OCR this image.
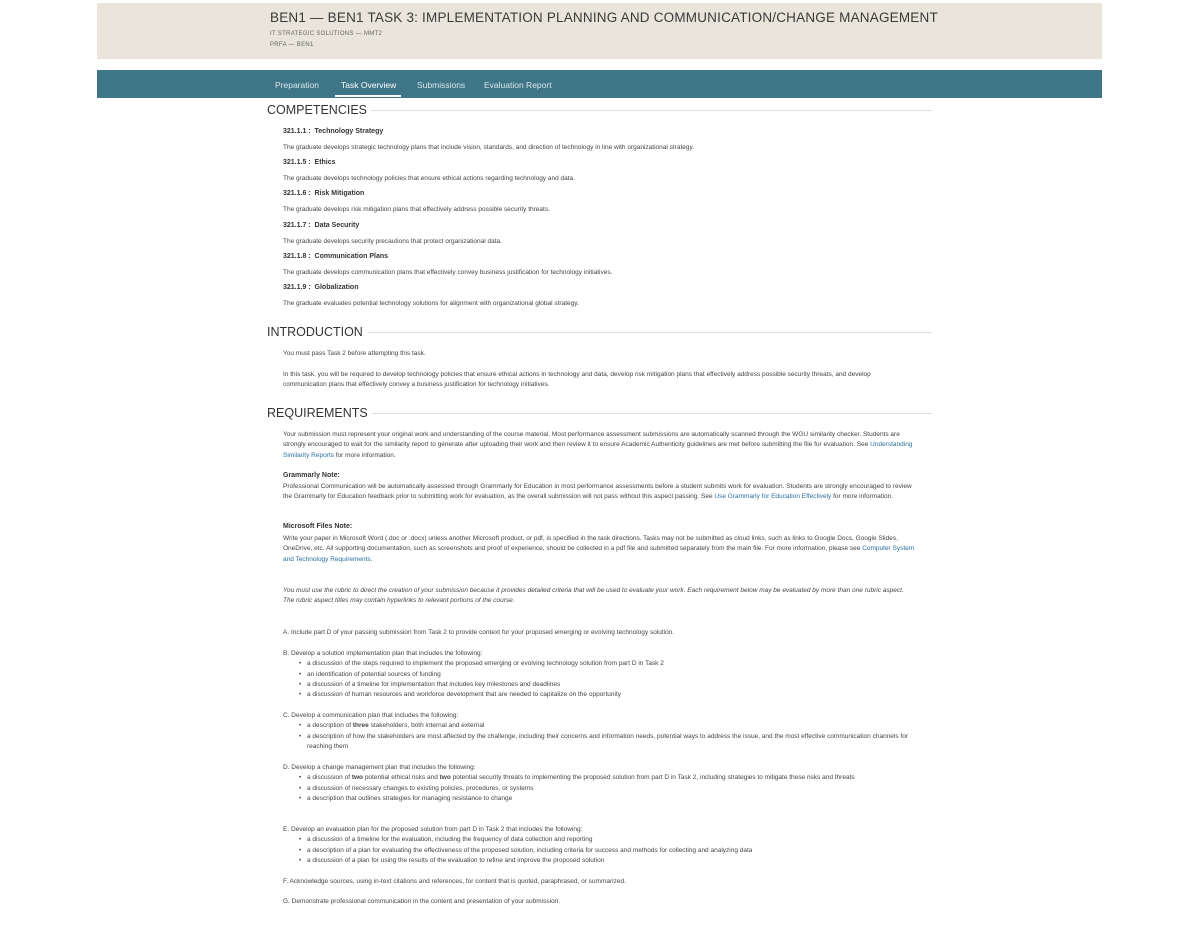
BEN1 — BEN1 TASK 3: IMPLEMENTATION PLANNING AND COMMUNICATION/CHANGE MANAGEMENT
IT STRATEGIC SOLUTIONS — MMT2
PRFA — BEN1
Preparation	Task Overview Submissions Evaluation Report
COMPETENCIES
321.1.1 : Technology Strategy
The graduate develops strategic technology plans that include vision, standards, and direction of technology in line with organizational strategy.
321.1.5 : Ethics
The graduate develops technology policies that ensure ethical actions regarding technology and data.
321.1.6 : Risk Mitigation
The graduate develops risk mitigation plans that effectively address possible security threats.
321.1.7 : Data Security
The graduate develops security precautions that protect organizational data.
321.1.8 : Communication Plans
The graduate develops communication plans that effectively convey business justification for technology initiatives.
321.1.9 : Globalization
The graduate evaluates potential technology solutions for alignment with organizational global strategy.
INTRODUCTION
You must pass Task 2 before attempting this task.
In this task, you will be required to develop technology policies that ensure ethical actions in technology and data, develop risk mitigation plans that effectively address possible security threats, and develop communication plans that effectively convey a business justification for technology initiatives.
REQUIREMENTS
Your submission must represent your original work and understanding of the course material. Most performance assessment submissions are automatically scanned through the WGU similarity checker. Students are strongly encouraged to wait for the similarity report to generate after uploading their work and then review it to ensure Academic Authenticity guidelines are met before submitting the file for evaluation. See Understanding Similarity Reports for more information.
Grammarly Note:
Professional Communication will be automatically assessed through Grammarly for Education in most performance assessments before a student submits work for evaluation. Students are strongly encouraged to review the Grammarly for Education feedback prior to submitting work for evaluation, as the overall submission will not pass without this aspect passing. See Use Grammarly for Education Effectively for more information.
Microsoft Files Note:
Write your paper in Microsoft Word (.doc or .docx) unless another Microsoft product, or pdf, is specified in the task directions. Tasks may not be submitted as cloud links, such as links to Google Docs, Google Slides, OneDrive, etc. All supporting documentation, such as screenshots and proof of experience, should be collected in a pdf file and submitted separately from the main file. For more information, please see Computer System and Technology Requirements.
You must use the rubric to direct the creation of your submission because it provides detailed criteria that will be used to evaluate your work. Each requirement below may be evaluated by more than one rubric aspect. The rubric aspect titles may contain hyperlinks to relevant portions of the course.
A. Include part D of your passing submission from Task 2 to provide context for your proposed emerging or evolving technology solution.
B. Develop a solution implementation plan that includes the following:
• a discussion of the steps required to implement the proposed emerging or evolving technology solution from part D in Task 2
• an identification of potential sources of funding
• a discussion of a timeline for implementation that includes key milestones and deadlines
• a discussion of human resources and workforce development that are needed to capitalize on the opportunity
C. Develop a communication plan that includes the following:
• a description of three stakeholders, both internal and external
• a description of how the stakeholders are most affected by the challenge, including their concerns and information needs, potential ways to address the issue, and the most effective communication channels for reaching them
D. Develop a change management plan that includes the following:
• a discussion of two potential ethical risks and two potential security threats to implementing the proposed solution from part D in Task 2, including strategies to mitigate these risks and threats
• a discussion of necessary changes to existing policies, procedures, or systems
• a description that outlines strategies for managing resistance to change
E. Develop an evaluation plan for the proposed solution from part D in Task 2 that includes the following:
• a discussion of a timeline for the evaluation, including the frequency of data collection and reporting
• a description of a plan for evaluating the effectiveness of the proposed solution, including criteria for success and methods for collecting and analyzing data
• a discussion of a plan for using the results of the evaluation to refine and improve the proposed solution
F. Acknowledge sources, using in-text citations and references, for content that is quoted, paraphrased, or summarized.
G. Demonstrate professional communication in the content and presentation of your submission.
